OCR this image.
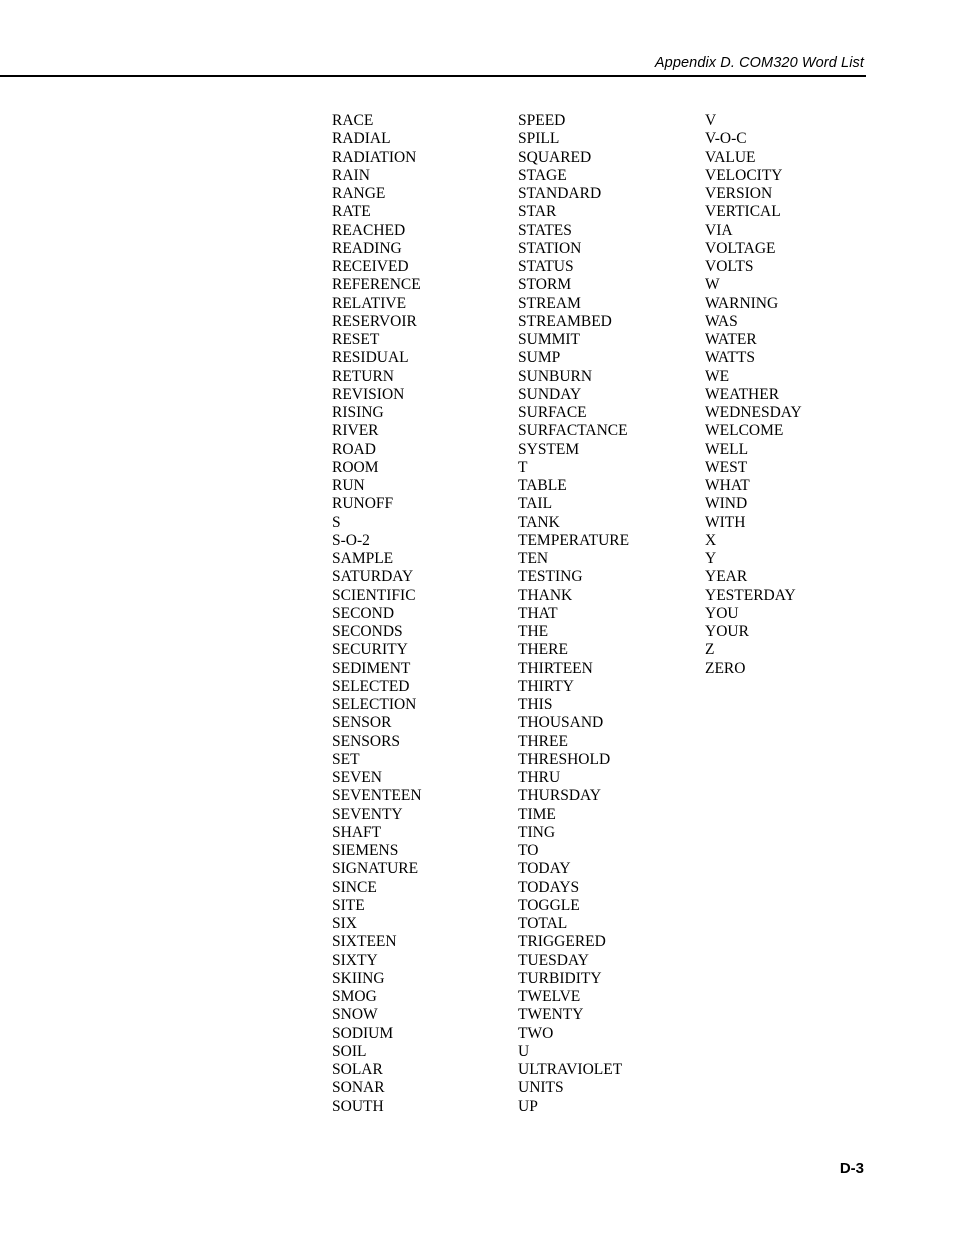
Appendix D. COM320 Word List
RACE
RADIAL
RADIATION
RAIN
RANGE
RATE
REACHED
READING
RECEIVED
REFERENCE
RELATIVE
RESERVOIR
RESET
RESIDUAL
RETURN
REVISION
RISING
RIVER
ROAD
ROOM
RUN
RUNOFF
S
S-O-2
SAMPLE
SATURDAY
SCIENTIFIC
SECOND
SECONDS
SECURITY
SEDIMENT
SELECTED
SELECTION
SENSOR
SENSORS
SET
SEVEN
SEVENTEEN
SEVENTY
SHAFT
SIEMENS
SIGNATURE
SINCE
SITE
SIX
SIXTEEN
SIXTY
SKIING
SMOG
SNOW
SODIUM
SOIL
SOLAR
SONAR
SOUTH
SPEED
SPILL
SQUARED
STAGE
STANDARD
STAR
STATES
STATION
STATUS
STORM
STREAM
STREAMBED
SUMMIT
SUMP
SUNBURN
SUNDAY
SURFACE
SURFACTANCE
SYSTEM
T
TABLE
TAIL
TANK
TEMPERATURE
TEN
TESTING
THANK
THAT
THE
THERE
THIRTEEN
THIRTY
THIS
THOUSAND
THREE
THRESHOLD
THRU
THURSDAY
TIME
TING
TO
TODAY
TODAYS
TOGGLE
TOTAL
TRIGGERED
TUESDAY
TURBIDITY
TWELVE
TWENTY
TWO
U
ULTRAVIOLET
UNITS
UP
V
V-O-C
VALUE
VELOCITY
VERSION
VERTICAL
VIA
VOLTAGE
VOLTS
W
WARNING
WAS
WATER
WATTS
WE
WEATHER
WEDNESDAY
WELCOME
WELL
WEST
WHAT
WIND
WITH
X
Y
YEAR
YESTERDAY
YOU
YOUR
Z
ZERO
D-3
